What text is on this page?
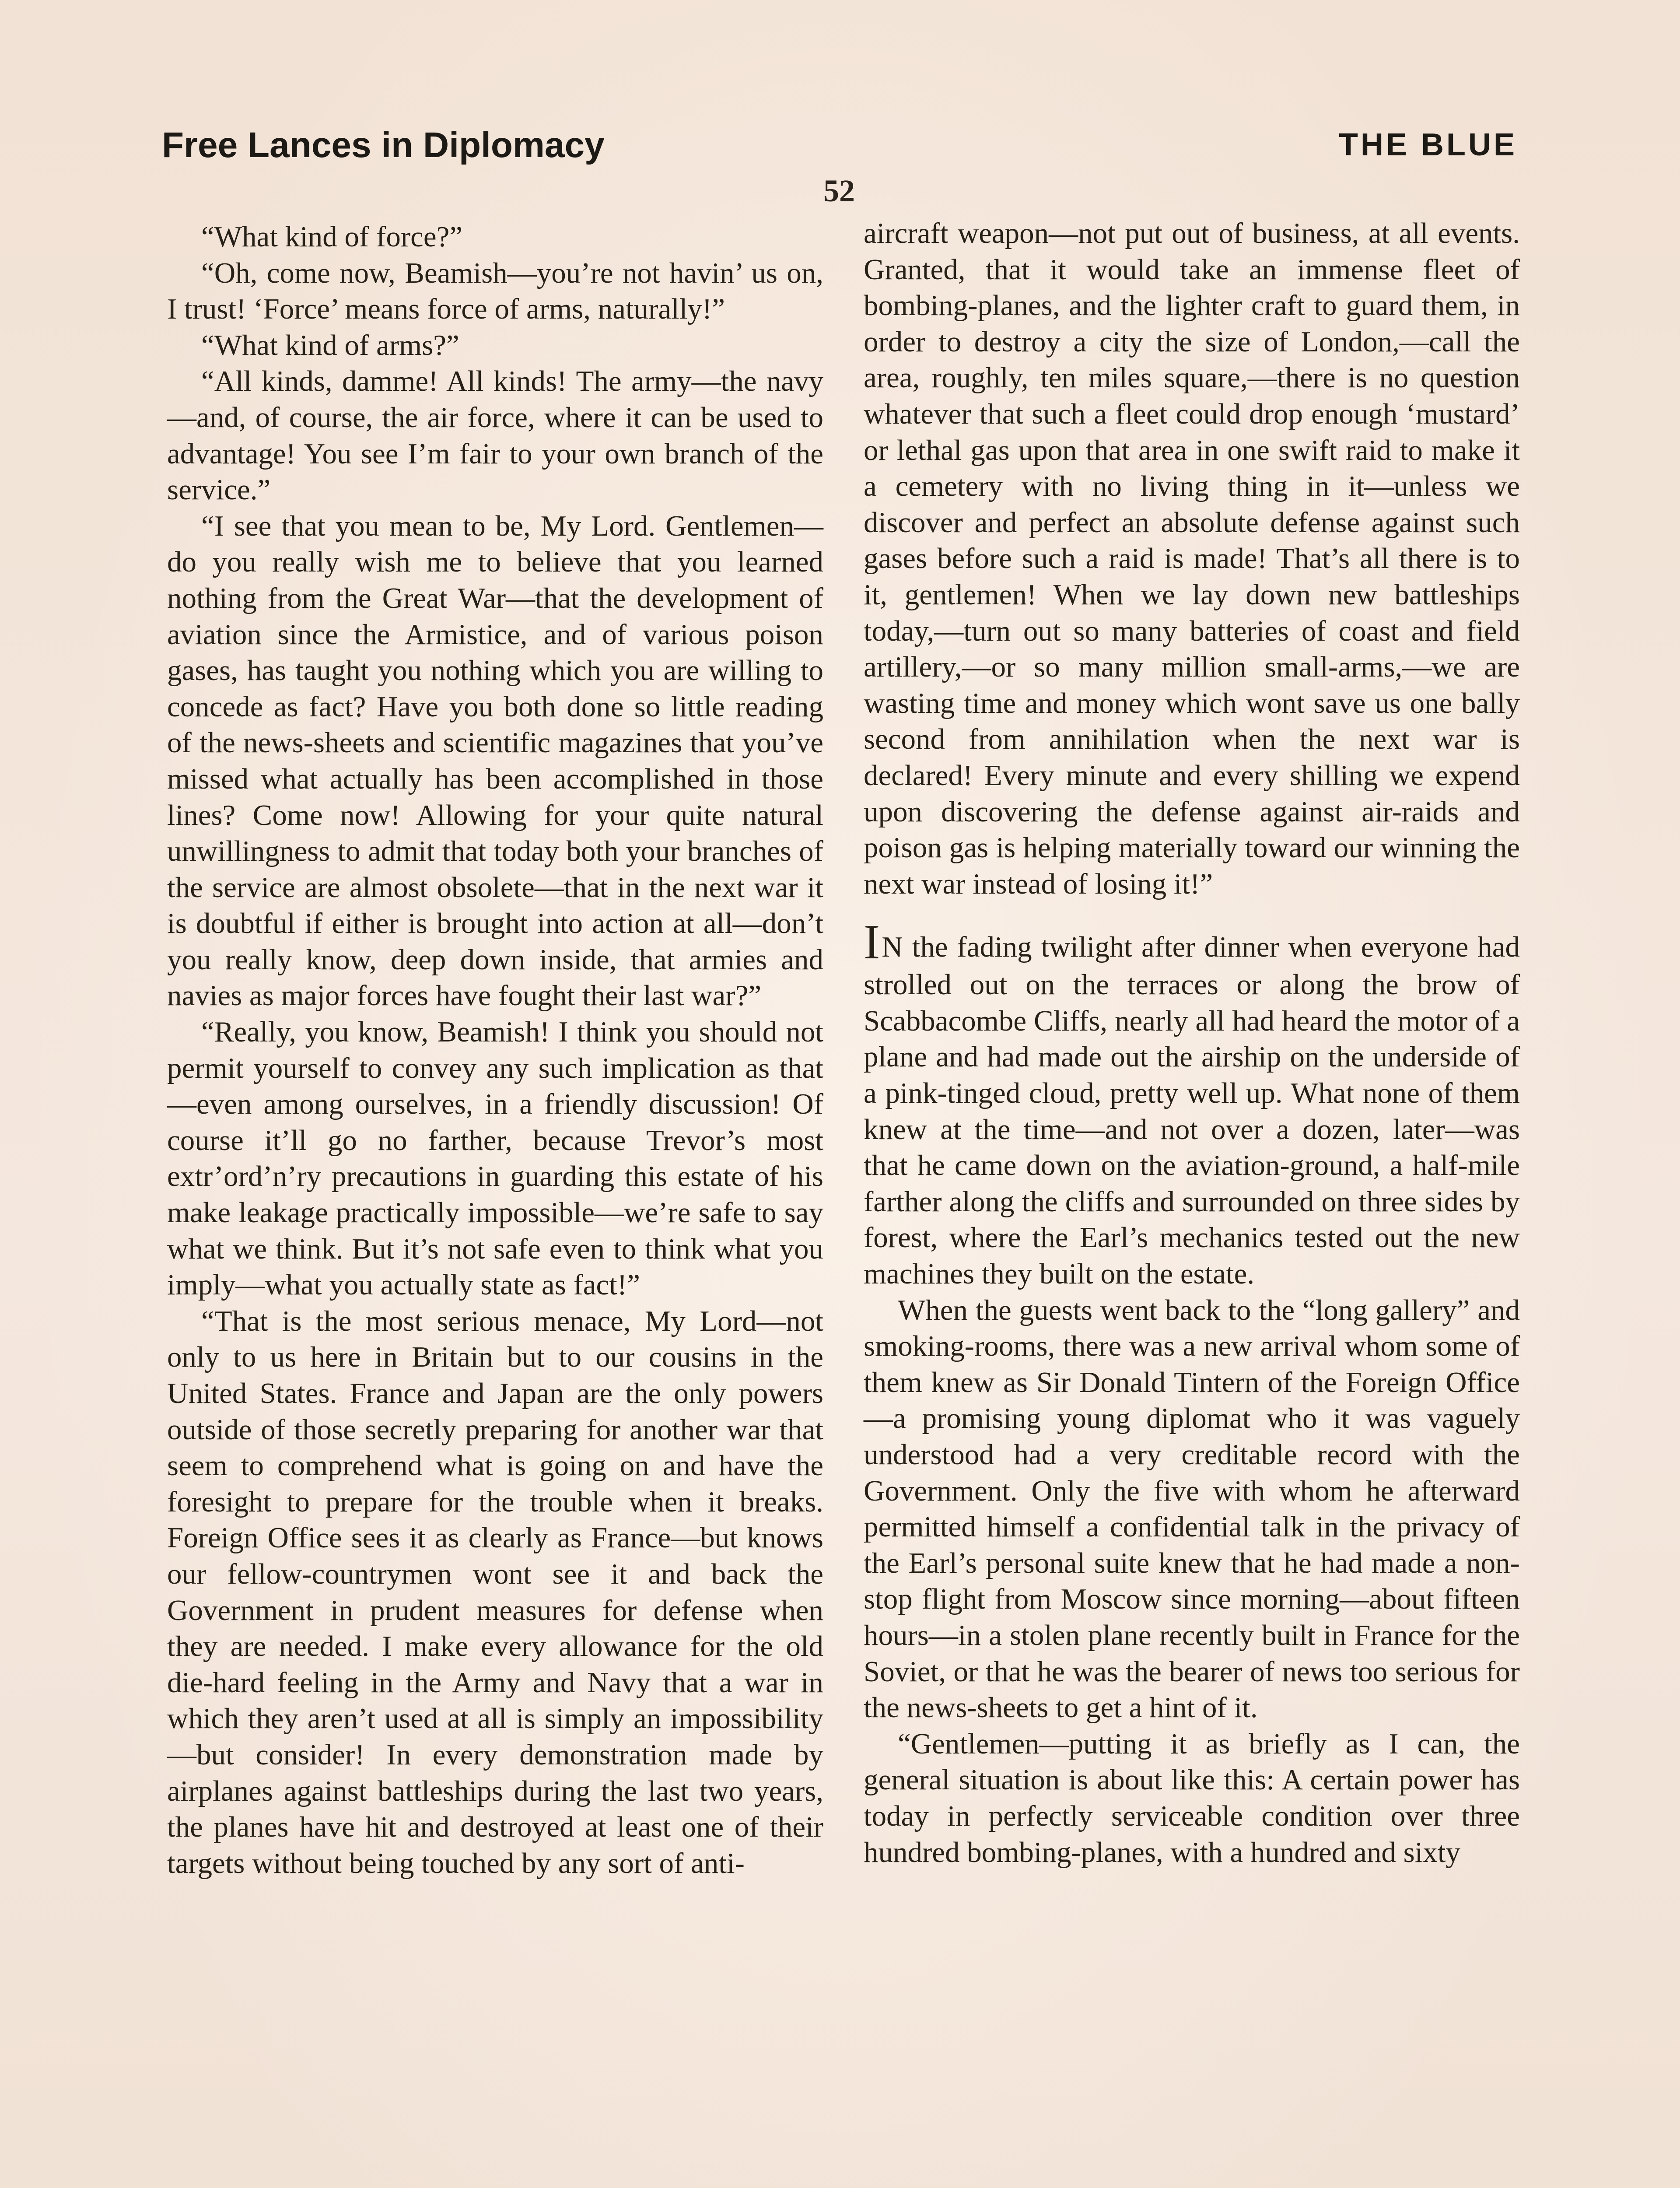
Free Lances in Diplomacy	THE BLUE
52

“What kind of force?”

“Oh, come now, Beamish—you’re not havin’ us on, I trust! ‘Force’ means force of arms, naturally!”

“What kind of arms?”

“All kinds, damme! All kinds! The army—the navy—and, of course, the air force, where it can be used to advantage! You see I’m fair to your own branch of the service.”

“I see that you mean to be, My Lord. Gentlemen—do you really wish me to believe that you learned nothing from the Great War—that the development of aviation since the Armistice, and of various poison gases, has taught you nothing which you are willing to concede as fact? Have you both done so little reading of the news-sheets and scientific magazines that you’ve missed what actually has been accomplished in those lines? Come now! Allowing for your quite natural unwillingness to admit that today both your branches of the service are almost obsolete—that in the next war it is doubtful if either is brought into action at all—don’t you really know, deep down inside, that armies and navies as major forces have fought their last war?”

“Really, you know, Beamish! I think you should not permit yourself to convey any such implication as that—even among ourselves, in a friendly discussion! Of course it’ll go no farther, because Trevor’s most extr’ord’n’ry precautions in guarding this estate of his make leakage practically impossible—we’re safe to say what we think. But it’s not safe even to think what you imply—what you actually state as fact!”

“That is the most serious menace, My Lord—not only to us here in Britain but to our cousins in the United States. France and Japan are the only powers outside of those secretly preparing for another war that seem to comprehend what is going on and have the foresight to prepare for the trouble when it breaks. Foreign Office sees it as clearly as France—but knows our fellow-countrymen wont see it and back the Government in prudent measures for defense when they are needed. I make every allowance for the old die-hard feeling in the Army and Navy that a war in which they aren’t used at all is simply an impossibility—but consider! In every demonstration made by airplanes against battleships during the last two years, the planes have hit and destroyed at least one of their targets without being touched by any sort of anti-

aircraft weapon—not put out of business, at all events. Granted, that it would take an immense fleet of bombing-planes, and the lighter craft to guard them, in order to destroy a city the size of London,—call the area, roughly, ten miles square,—there is no question whatever that such a fleet could drop enough ‘mustard’ or lethal gas upon that area in one swift raid to make it a cemetery with no living thing in it—unless we discover and perfect an absolute defense against such gases before such a raid is made! That’s all there is to it, gentlemen! When we lay down new battleships today,—turn out so many batteries of coast and field artillery,—or so many million small-arms,—we are wasting time and money which wont save us one bally second from annihilation when the next war is declared! Every minute and every shilling we expend upon discovering the defense against air-raids and poison gas is helping materially toward our winning the next war instead of losing it!”

IN the fading twilight after dinner when everyone had strolled out on the terraces or along the brow of Scabbacombe Cliffs, nearly all had heard the motor of a plane and had made out the airship on the underside of a pink-tinged cloud, pretty well up. What none of them knew at the time—and not over a dozen, later—was that he came down on the aviation-ground, a half-mile farther along the cliffs and surrounded on three sides by forest, where the Earl’s mechanics tested out the new machines they built on the estate.

When the guests went back to the “long gallery” and smoking-rooms, there was a new arrival whom some of them knew as Sir Donald Tintern of the Foreign Office—a promising young diplomat who it was vaguely understood had a very creditable record with the Government. Only the five with whom he afterward permitted himself a confidential talk in the privacy of the Earl’s personal suite knew that he had made a non-stop flight from Moscow since morning—about fifteen hours—in a stolen plane recently built in France for the Soviet, or that he was the bearer of news too serious for the news-sheets to get a hint of it.

“Gentlemen—putting it as briefly as I can, the general situation is about like this: A certain power has today in perfectly serviceable condition over three hundred bombing-planes, with a hundred and sixty
